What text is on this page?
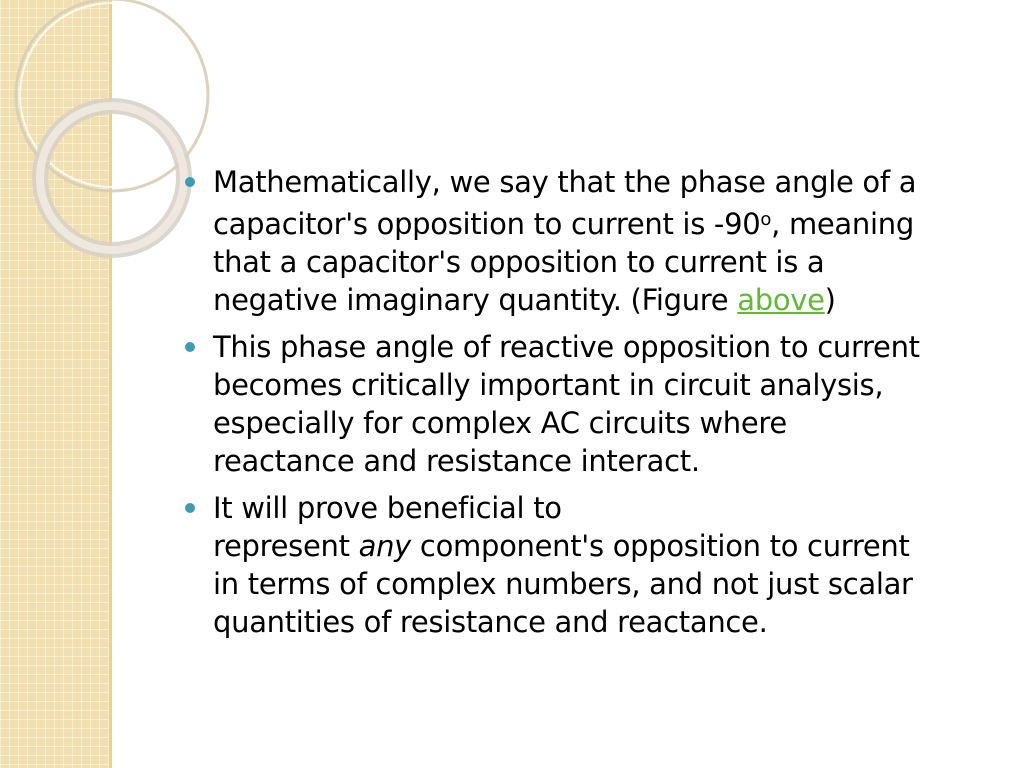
Mathematically, we say that the phase angle of a
capacitor's opposition to current is -90$^o$, meaning
that a capacitor's opposition to current is a
negative imaginary quantity. (Figure above)
This phase angle of reactive opposition to current
becomes critically important in circuit analysis,
especially for complex AC circuits where
reactance and resistance interact.
It will prove beneficial to
represent any component's opposition to current
in terms of complex numbers, and not just scalar
quantities of resistance and reactance.
